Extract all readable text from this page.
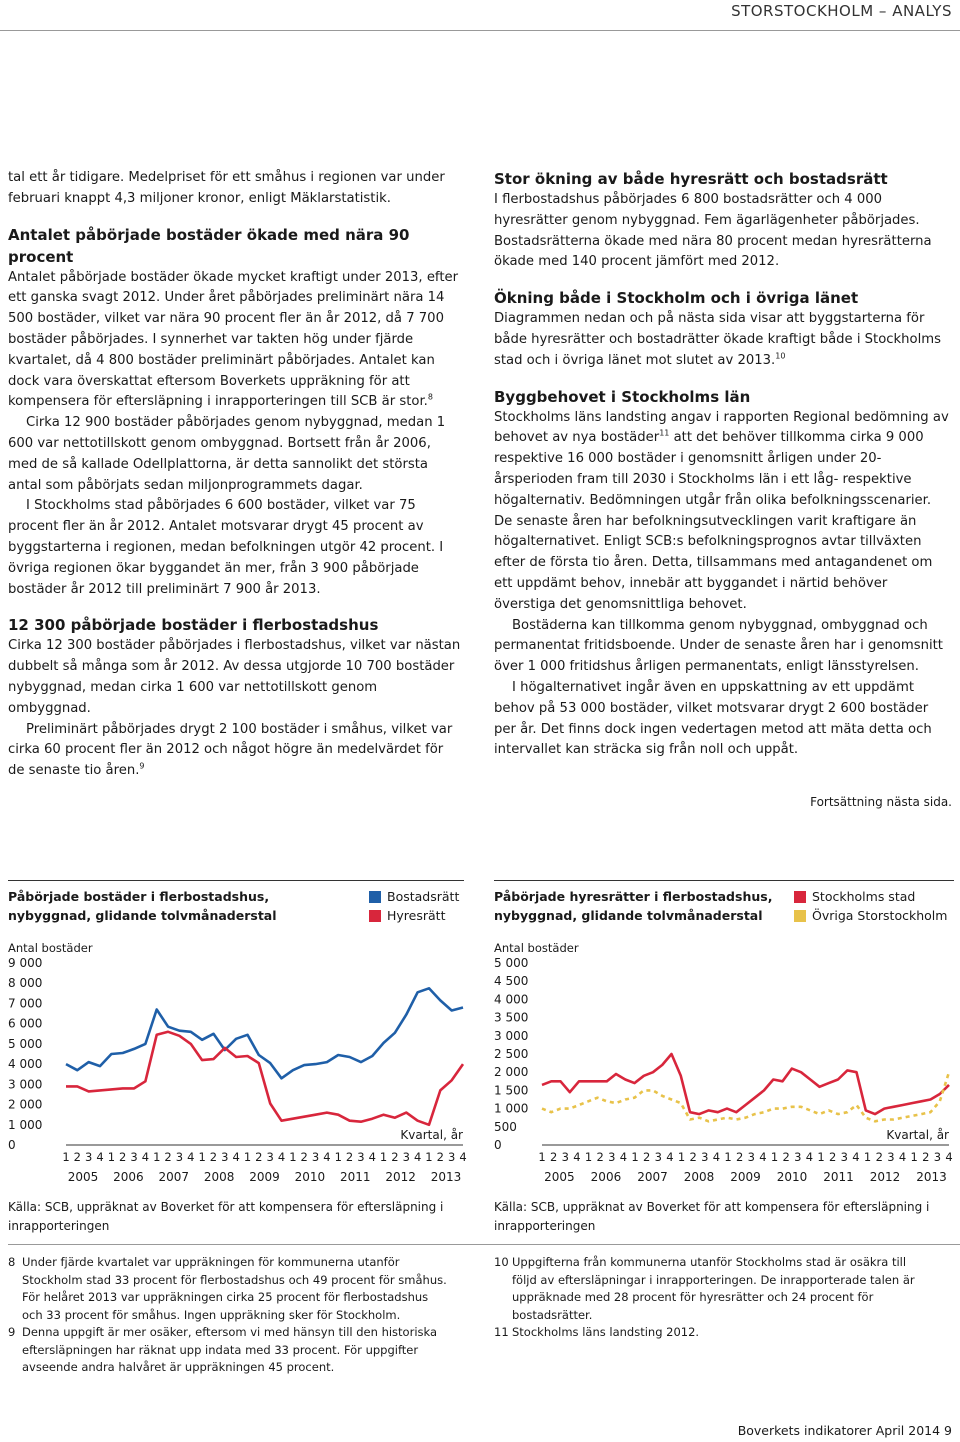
STORSTOCKHOLM – ANALYS

tal ett år tidigare. Medelpriset för ett småhus i regionen var under februari knappt 4,3 miljoner kronor, enligt Mäklarstatistik.

Antalet påbörjade bostäder ökade med nära 90 procent

Antalet påbörjade bostäder ökade mycket kraftigt under 2013, efter ett ganska svagt 2012. Under året påbörjades preliminärt nära 14 500 bostäder, vilket var nära 90 procent fler än år 2012, då 7 700 bostäder påbörjades. I synnerhet var takten hög under fjärde kvartalet, då 4 800 bostäder preliminärt påbörjades. Antalet kan dock vara överskattat eftersom Boverkets uppräkning för att kompensera för eftersläpning i inrapporteringen till SCB är stor.$^8$

Cirka 12 900 bostäder påbörjades genom nybyggnad, medan 1 600 var nettotillskott genom ombyggnad. Bortsett från år 2006, med de så kallade Odellplattorna, är detta sannolikt det största antal som påbörjats sedan miljonprogrammets dagar.

I Stockholms stad påbörjades 6 600 bostäder, vilket var 75 procent fler än år 2012. Antalet motsvarar drygt 45 procent av byggstarterna i regionen, medan befolkningen utgör 42 procent. I övriga regionen ökar byggandet än mer, från 3 900 påbörjade bostäder år 2012 till preliminärt 7 900 år 2013.

12 300 påbörjade bostäder i flerbostadshus

Cirka 12 300 bostäder påbörjades i flerbostadshus, vilket var nästan dubbelt så många som år 2012. Av dessa utgjorde 10 700 bostäder nybyggnad, medan cirka 1 600 var nettotillskott genom ombyggnad.

Preliminärt påbörjades drygt 2 100 bostäder i småhus, vilket var cirka 60 procent fler än 2012 och något högre än medelvärdet för de senaste tio åren.$^9$

Stor ökning av både hyresrätt och bostadsrätt

I flerbostadshus påbörjades 6 800 bostadsrätter och 4 000 hyresrätter genom nybyggnad. Fem ägarlägenheter påbörjades. Bostadsrätterna ökade med nära 80 procent medan hyresrätterna ökade med 140 procent jämfört med 2012.

Ökning både i Stockholm och i övriga länet

Diagrammen nedan och på nästa sida visar att byggstarterna för både hyresrätter och bostadrätter ökade kraftigt både i Stockholms stad och i övriga länet mot slutet av 2013.10

Byggbehovet i Stockholms län

Stockholms läns landsting angav i rapporten Regional bedömning av behovet av nya bostäder$^{11}$ att det behöver tillkomma cirka 9 000 respektive 16 000 bostäder i genomsnitt årligen under 20-årsperioden fram till 2030 i Stockholms län i ett låg- respektive högalternativ. Bedömningen utgår från olika befolkningsscenarier. De senaste åren har befolkningsutvecklingen varit kraftigare än högalternativet. Enligt SCB:s befolkningsprognos avtar tillväxten efter de första tio åren. Detta, tillsammans med antagandenet om ett uppdämt behov, innebär att byggandet i närtid behöver överstiga det genomsnittliga behovet.

Bostäderna kan tillkomma genom nybyggnad, ombyggnad och permanentat fritidsboende. Under de senaste åren har i genomsnitt över 1 000 fritidshus årligen permanentats, enligt länsstyrelsen.

I högalternativet ingår även en uppskattning av ett uppdämt behov på 53 000 bostäder, vilket motsvarar drygt 2 600 bostäder per år. Det finns dock ingen vedertagen metod att mäta detta och intervallet kan sträcka sig från noll och uppåt.

Fortsättning nästa sida.
Påbörjade bostäder i flerbostadshus, nybyggnad, glidande tolvmånaderstal
Bostadsrätt
Hyresrätt
Antal bostäder
9 000
8 000
7 000
6 000
5 000
4 000
3 000
2 000
1 000
0
1 2 3 4
2005
1 2 3 4
2006
1 2 3 4
2007
1 2 3 4
2008
1 2 3 4
2009
1 2 3 4
2010
1 2 3 4
2011
1 2 3 4
2012
1 2 3 4
2013
Kvartal, år
Källa: SCB, uppräknat av Boverket för att kompensera för eftersläpning i inrapporteringen
Påbörjade hyresrätter i flerbostadshus, nybyggnad, glidande tolvmånaderstal
Stockholms stad
Övriga Storstockholm
Antal bostäder
5 000
4 500
4 000
3 500
3 000
2 500
2 000
1 500
1 000
500
0
1 2 3 4
2005
1 2 3 4
2006
1 2 3 4
2007
1 2 3 4
2008
1 2 3 4
2009
1 2 3 4
2010
1 2 3 4
2011
1 2 3 4
2012
1 2 3 4
2013
Kvartal, år
Källa: SCB, uppräknat av Boverket för att kompensera för eftersläpning i inrapporteringen
8 Under fjärde kvartalet var uppräkningen för kommunerna utanför Stockholm stad 33 procent för flerbostadshus och 49 procent för småhus. För helåret 2013 var uppräkningen cirka 25 procent för flerbostadshus och 33 procent för småhus. Ingen uppräkning sker för Stockholm.
9 Denna uppgift är mer osäker, eftersom vi med hänsyn till den historiska eftersläpningen har räknat upp indata med 33 procent. För uppgifter avseende andra halvåret är uppräkningen 45 procent.
10 Uppgifterna från kommunerna utanför Stockholms stad är osäkra till följd av eftersläpningar i inrapporteringen. De inrapporterade talen är uppräknade med 28 procent för hyresrätter och 24 procent för bostadsrätter.
11 Stockholms läns landsting 2012.
Boverkets indikatorer April 2014 9
